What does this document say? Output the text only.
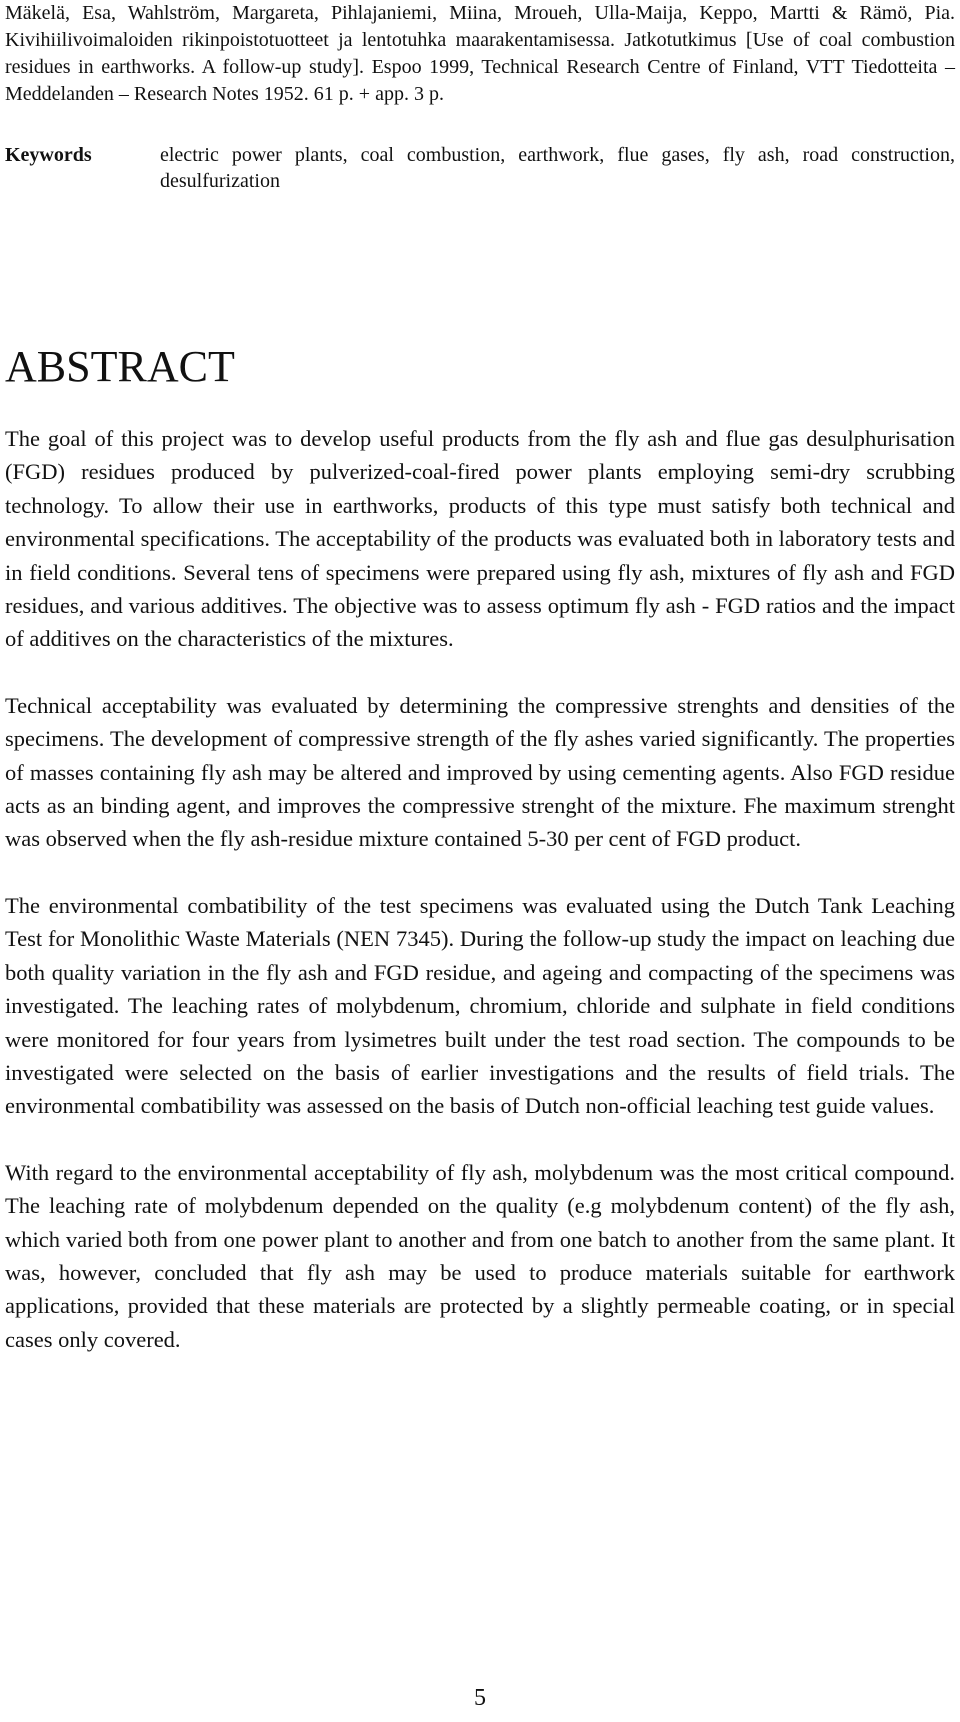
Mäkelä, Esa, Wahlström, Margareta, Pihlajaniemi, Miina, Mroueh, Ulla-Maija, Keppo, Martti & Rämö, Pia. Kivihiilivoimaloiden rikinpoistotuotteet ja lentotuhka maarakentamisessa. Jatkotutkimus [Use of coal combustion residues in earthworks. A follow-up study]. Espoo 1999, Technical Research Centre of Finland, VTT Tiedotteita – Meddelanden – Research Notes 1952. 61 p. + app. 3 p.

Keywords	electric power plants, coal combustion, earthwork, flue gases, fly ash, road construction, desulfurization
ABSTRACT

The goal of this project was to develop useful products from the fly ash and flue gas desulphurisation (FGD) residues produced by pulverized-coal-fired power plants employing semi-dry scrubbing technology. To allow their use in earthworks, products of this type must satisfy both technical and environmental specifications. The acceptability of the products was evaluated both in laboratory tests and in field conditions. Several tens of specimens were prepared using fly ash, mixtures of fly ash and FGD residues, and various additives. The objective was to assess optimum fly ash - FGD ratios and the impact of additives on the characteristics of the mixtures.

Technical acceptability was evaluated by determining the compressive strenghts and densities of the specimens. The development of compressive strength of the fly ashes varied significantly. The properties of masses containing fly ash may be altered and improved by using cementing agents. Also FGD residue acts as an binding agent, and improves the compressive strenght of the mixture. Fhe maximum strenght was observed when the fly ash-residue mixture contained 5-30 per cent of FGD product.

The environmental combatibility of the test specimens was evaluated using the Dutch Tank Leaching Test for Monolithic Waste Materials (NEN 7345). During the follow-up study the impact on leaching due both quality variation in the fly ash and FGD residue, and ageing and compacting of the specimens was investigated. The leaching rates of molybdenum, chromium, chloride and sulphate in field conditions were monitored for four years from lysimetres built under the test road section. The compounds to be investigated were selected on the basis of earlier investigations and the results of field trials. The environmental combatibility was assessed on the basis of Dutch non-official leaching test guide values.

With regard to the environmental acceptability of fly ash, molybdenum was the most critical compound. The leaching rate of molybdenum depended on the quality (e.g molybdenum content) of the fly ash, which varied both from one power plant to another and from one batch to another from the same plant. It was, however, concluded that fly ash may be used to produce materials suitable for earthwork applications, provided that these materials are protected by a slightly permeable coating, or in special cases only covered.

5
